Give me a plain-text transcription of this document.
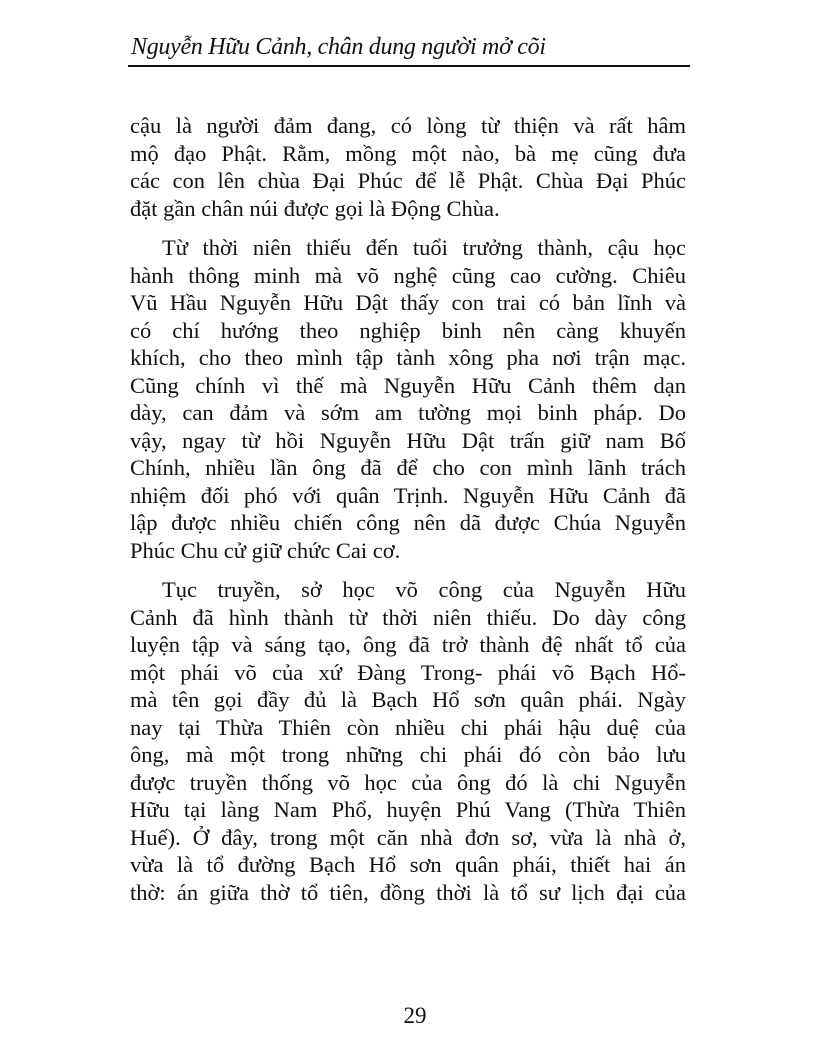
Nguyễn Hữu Cảnh, chân dung người mở cõi

cậu là người đảm đang, có lòng từ thiện và rất hâm
mộ đạo Phật. Rằm, mồng một nào, bà mẹ cũng đưa
các con lên chùa Đại Phúc để lễ Phật. Chùa Đại Phúc
đặt gần chân núi được gọi là Động Chùa.

Từ thời niên thiếu đến tuổi trưởng thành, cậu học
hành thông minh mà võ nghệ cũng cao cường. Chiêu
Vũ Hầu Nguyễn Hữu Dật thấy con trai có bản lĩnh và
có chí hướng theo nghiệp binh nên càng khuyến
khích, cho theo mình tập tành xông pha nơi trận mạc.
Cũng chính vì thế mà Nguyễn Hữu Cảnh thêm dạn
dày, can đảm và sớm am tường mọi binh pháp. Do
vậy, ngay từ hồi Nguyễn Hữu Dật trấn giữ nam Bố
Chính, nhiều lần ông đã để cho con mình lãnh trách
nhiệm đối phó với quân Trịnh. Nguyễn Hữu Cảnh đã
lập được nhiều chiến công nên dã được Chúa Nguyễn
Phúc Chu cử giữ chức Cai cơ.

Tục truyền, sở học võ công của Nguyễn Hữu
Cảnh đã hình thành từ thời niên thiếu. Do dày công
luyện tập và sáng tạo, ông đã trở thành đệ nhất tổ của
một phái võ của xứ Đàng Trong- phái võ Bạch Hổ-
mà tên gọi đầy đủ là Bạch Hổ sơn quân phái. Ngày
nay tại Thừa Thiên còn nhiều chi phái hậu duệ của
ông, mà một trong những chi phái đó còn bảo lưu
được truyền thống võ học của ông đó là chi Nguyễn
Hữu tại làng Nam Phổ, huyện Phú Vang (Thừa Thiên
Huế). Ở đây, trong một căn nhà đơn sơ, vừa là nhà ở,
vừa là tổ đường Bạch Hổ sơn quân phái, thiết hai án
thờ: án giữa thờ tổ tiên, đồng thời là tổ sư lịch đại của

29
